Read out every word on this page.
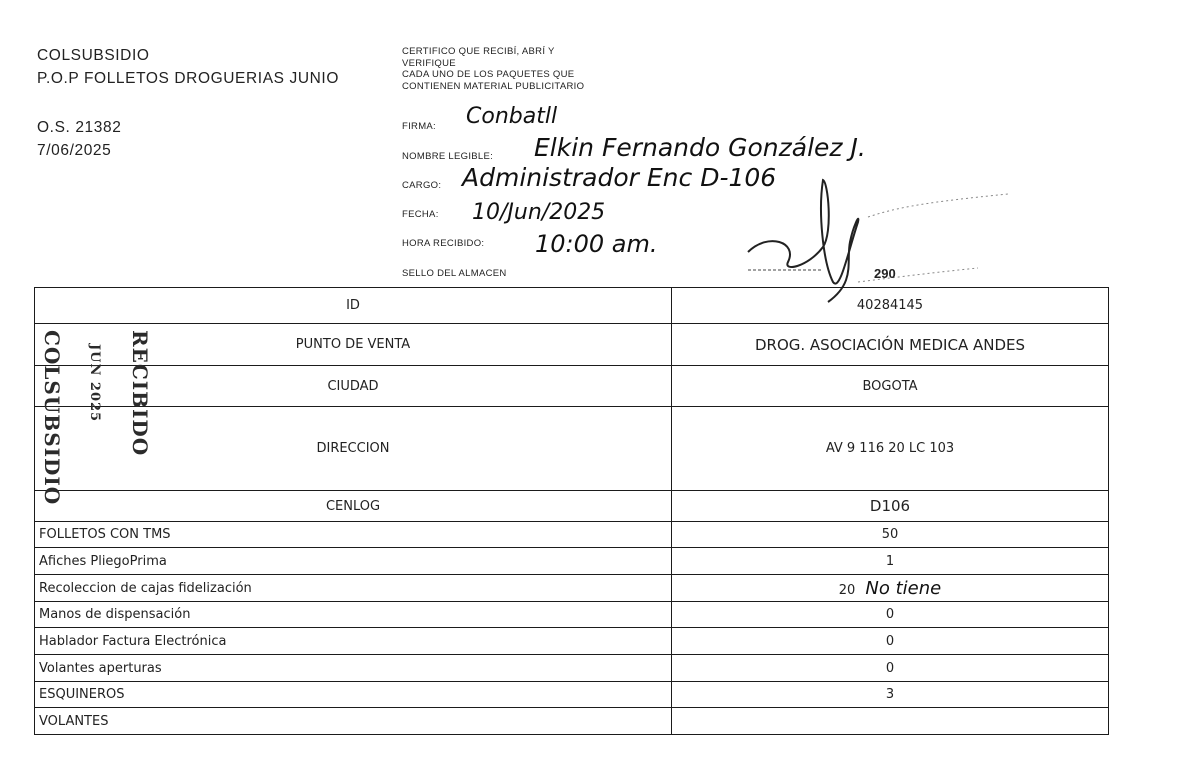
COLSUBSIDIO
P.O.P FOLLETOS DROGUERIAS JUNIO
O.S. 21382
7/06/2025
CERTIFICO QUE RECIBÍ, ABRÍ Y
VERIFIQUE
CADA UNO DE LOS PAQUETES QUE
CONTIENEN MATERIAL PUBLICITARIO
FIRMA:
NOMBRE LEGIBLE:
CARGO:
FECHA:
HORA RECIBIDO:
SELLO DEL ALMACEN
Conbatll
Elkin Fernando González J.
Administrador Enc D-106
10/Jun/2025
10:00 am.
290
ID	40284145
PUNTO DE VENTA	DROG. ASOCIACIÓN MEDICA ANDES
CIUDAD	BOGOTA
DIRECCION	AV 9 116 20 LC 103
CENLOG	D106
FOLLETOS CON TMS	50
Afiches PliegoPrima	1
Recoleccion de cajas fidelización	20 No tiene
Manos de dispensación	0
Hablador Factura Electrónica	0
Volantes aperturas	0
ESQUINEROS	3
VOLANTES	
COLSUBSIDIO JUN 2025 RECIBIDO
